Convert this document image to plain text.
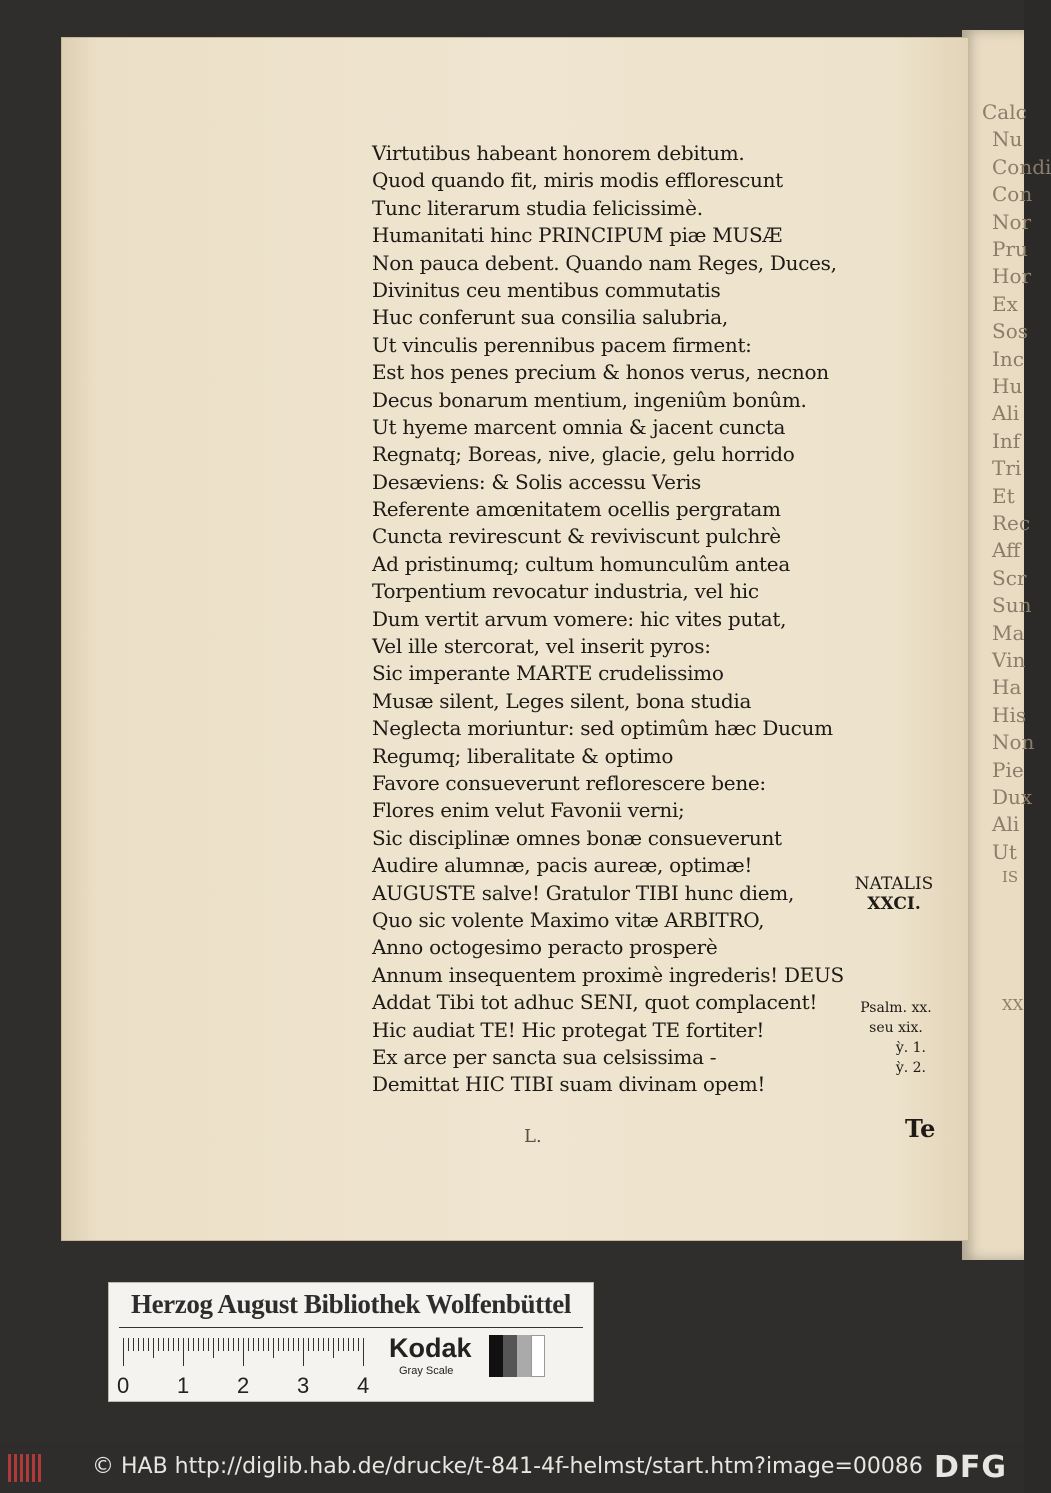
Calc
Nu
Condi
Con
Nor
Pru
Hor
Ex
Sos
Inc
Hu
Ali
Inf
Tri
Et
Rec
Aff
Scr
Sun
Ma
Vin
Ha
His
Non
Pie
Dux
Ali
Ut
IS
XX
Virtutibus habeant honorem debitum.
Quod quando fit, miris modis efflorescunt
Tunc literarum studia felicissimè.
Humanitati hinc PRINCIPUM piæ MUSÆ
Non pauca debent. Quando nam Reges, Duces,
Divinitus ceu mentibus commutatis
Huc conferunt sua consilia salubria,
Ut vinculis perennibus pacem firment:
Est hos penes precium & honos verus, necnon
Decus bonarum mentium, ingeniûm bonûm.
Ut hyeme marcent omnia & jacent cuncta
Regnatq; Boreas, nive, glacie, gelu horrido
Desæviens: & Solis accessu Veris
Referente amœnitatem ocellis pergratam
Cuncta revirescunt & reviviscunt pulchrè
Ad pristinumq; cultum homunculûm antea
Torpentium revocatur industria, vel hic
Dum vertit arvum vomere: hic vites putat,
Vel ille stercorat, vel inserit pyros:
Sic imperante MARTE crudelissimo
Musæ silent, Leges silent, bona studia
Neglecta moriuntur: sed optimûm hæc Ducum
Regumq; liberalitate & optimo
Favore consueverunt reflorescere bene:
Flores enim velut Favonii verni;
Sic disciplinæ omnes bonæ consueverunt
Audire alumnæ, pacis aureæ, optimæ!
AUGUSTE salve! Gratulor TIBI hunc diem,
Quo sic volente Maximo vitæ ARBITRO,
Anno octogesimo peracto prosperè
Annum insequentem proximè ingrederis! DEUS
Addat Tibi tot adhuc SENI, quot complacent!
Hic audiat TE! Hic protegat TE fortiter!
Ex arce per sancta sua celsissima -
Demittat HIC TIBI suam divinam opem!
NATALIS
XXCI.
Psalm. xx.
seu xix.
ỳ. 1.
ỳ. 2.
L.	Te
Herzog August Bibliothek Wolfenbüttel
0 1 2 3 4
Kodak
Gray Scale
© HAB http://diglib.hab.de/drucke/t-841-4f-helmst/start.htm?image=00086 DFG
